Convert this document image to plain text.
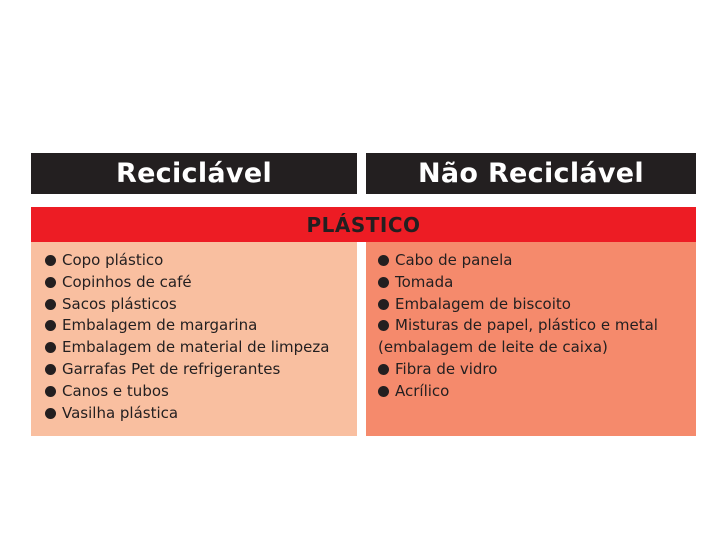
Reciclável	Não Reciclável
PLÁSTICO
Copo plástico
Copinhos de café
Sacos plásticos
Embalagem de margarina
Embalagem de material de limpeza
Garrafas Pet de refrigerantes
Canos e tubos
Vasilha plástica
Cabo de panela
Tomada
Embalagem de biscoito
Misturas de papel, plástico e metal
(embalagem de leite de caixa)
Fibra de vidro
Acrílico
